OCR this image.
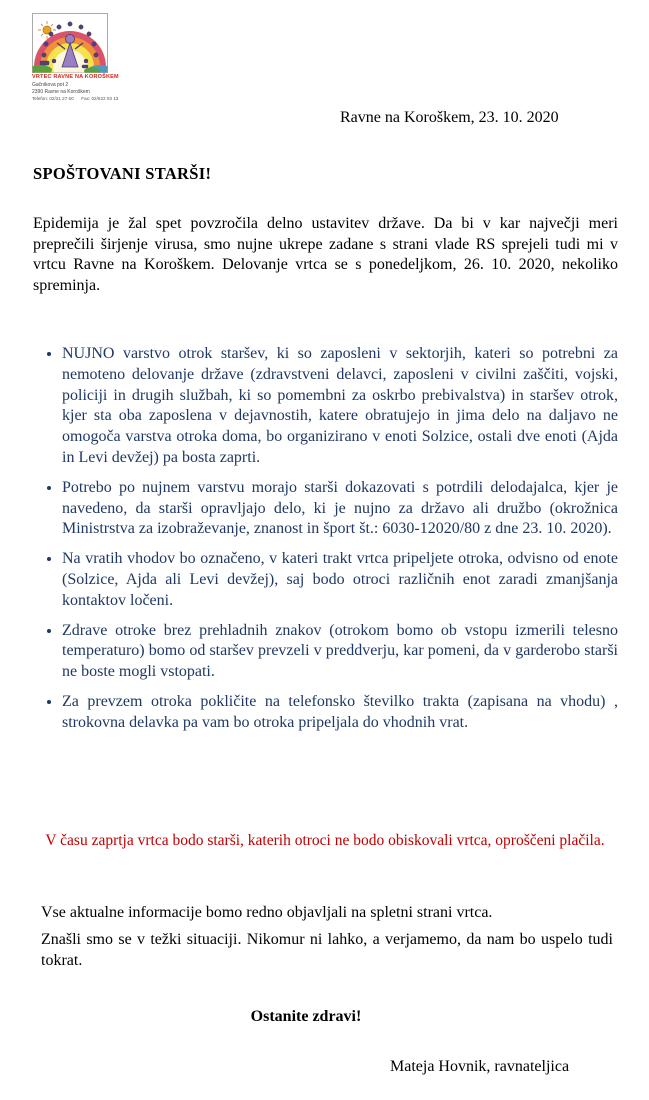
VRTEC RAVNE NA KOROŠKEM
Gačnikova pot 2
2390 Ravne na Koroškem
Telefon: 02/21 27 60      Fax: 02/622 03 13
Ravne na Koroškem, 23. 10. 2020
SPOŠTOVANI STARŠI!

Epidemija je žal spet povzročila delno ustavitev države. Da bi v kar največji meri preprečili širjenje virusa, smo nujne ukrepe zadane s strani vlade RS sprejeli tudi mi v vrtcu Ravne na Koroškem. Delovanje vrtca se s ponedeljkom, 26. 10. 2020, nekoliko spreminja.

• NUJNO varstvo otrok staršev, ki so zaposleni v sektorjih, kateri so potrebni za nemoteno delovanje države (zdravstveni delavci, zaposleni v civilni zaščiti, vojski, policiji in drugih službah, ki so pomembni za oskrbo prebivalstva) in staršev otrok, kjer sta oba zaposlena v dejavnostih, katere obratujejo in jima delo na daljavo ne omogoča varstva otroka doma, bo organizirano v enoti Solzice, ostali dve enoti (Ajda in Levi devžej) pa bosta zaprti.
• Potrebo po nujnem varstvu morajo starši dokazovati s potrdili delodajalca, kjer je navedeno, da starši opravljajo delo, ki je nujno za državo ali družbo (okrožnica Ministrstva za izobraževanje, znanost in šport št.: 6030-12020/80 z dne 23. 10. 2020).
• Na vratih vhodov bo označeno, v kateri trakt vrtca pripeljete otroka, odvisno od enote (Solzice, Ajda ali Levi devžej), saj bodo otroci različnih enot zaradi zmanjšanja kontaktov ločeni.
• Zdrave otroke brez prehladnih znakov (otrokom bomo ob vstopu izmerili telesno temperaturo) bomo od staršev prevzeli v preddverju, kar pomeni, da v garderobo starši ne boste mogli vstopati.
• Za prevzem otroka pokličite na telefonsko številko trakta (zapisana na vhodu) , strokovna delavka pa vam bo otroka pripeljala do vhodnih vrat.

V času zaprtja vrtca bodo starši, katerih otroci ne bodo obiskovali vrtca, oproščeni plačila.

Vse aktualne informacije bomo redno objavljali na spletni strani vrtca.

Znašli smo se v težki situaciji. Nikomur ni lahko, a verjamemo, da nam bo uspelo tudi tokrat.

Ostanite zdravi!
Mateja Hovnik, ravnateljica
